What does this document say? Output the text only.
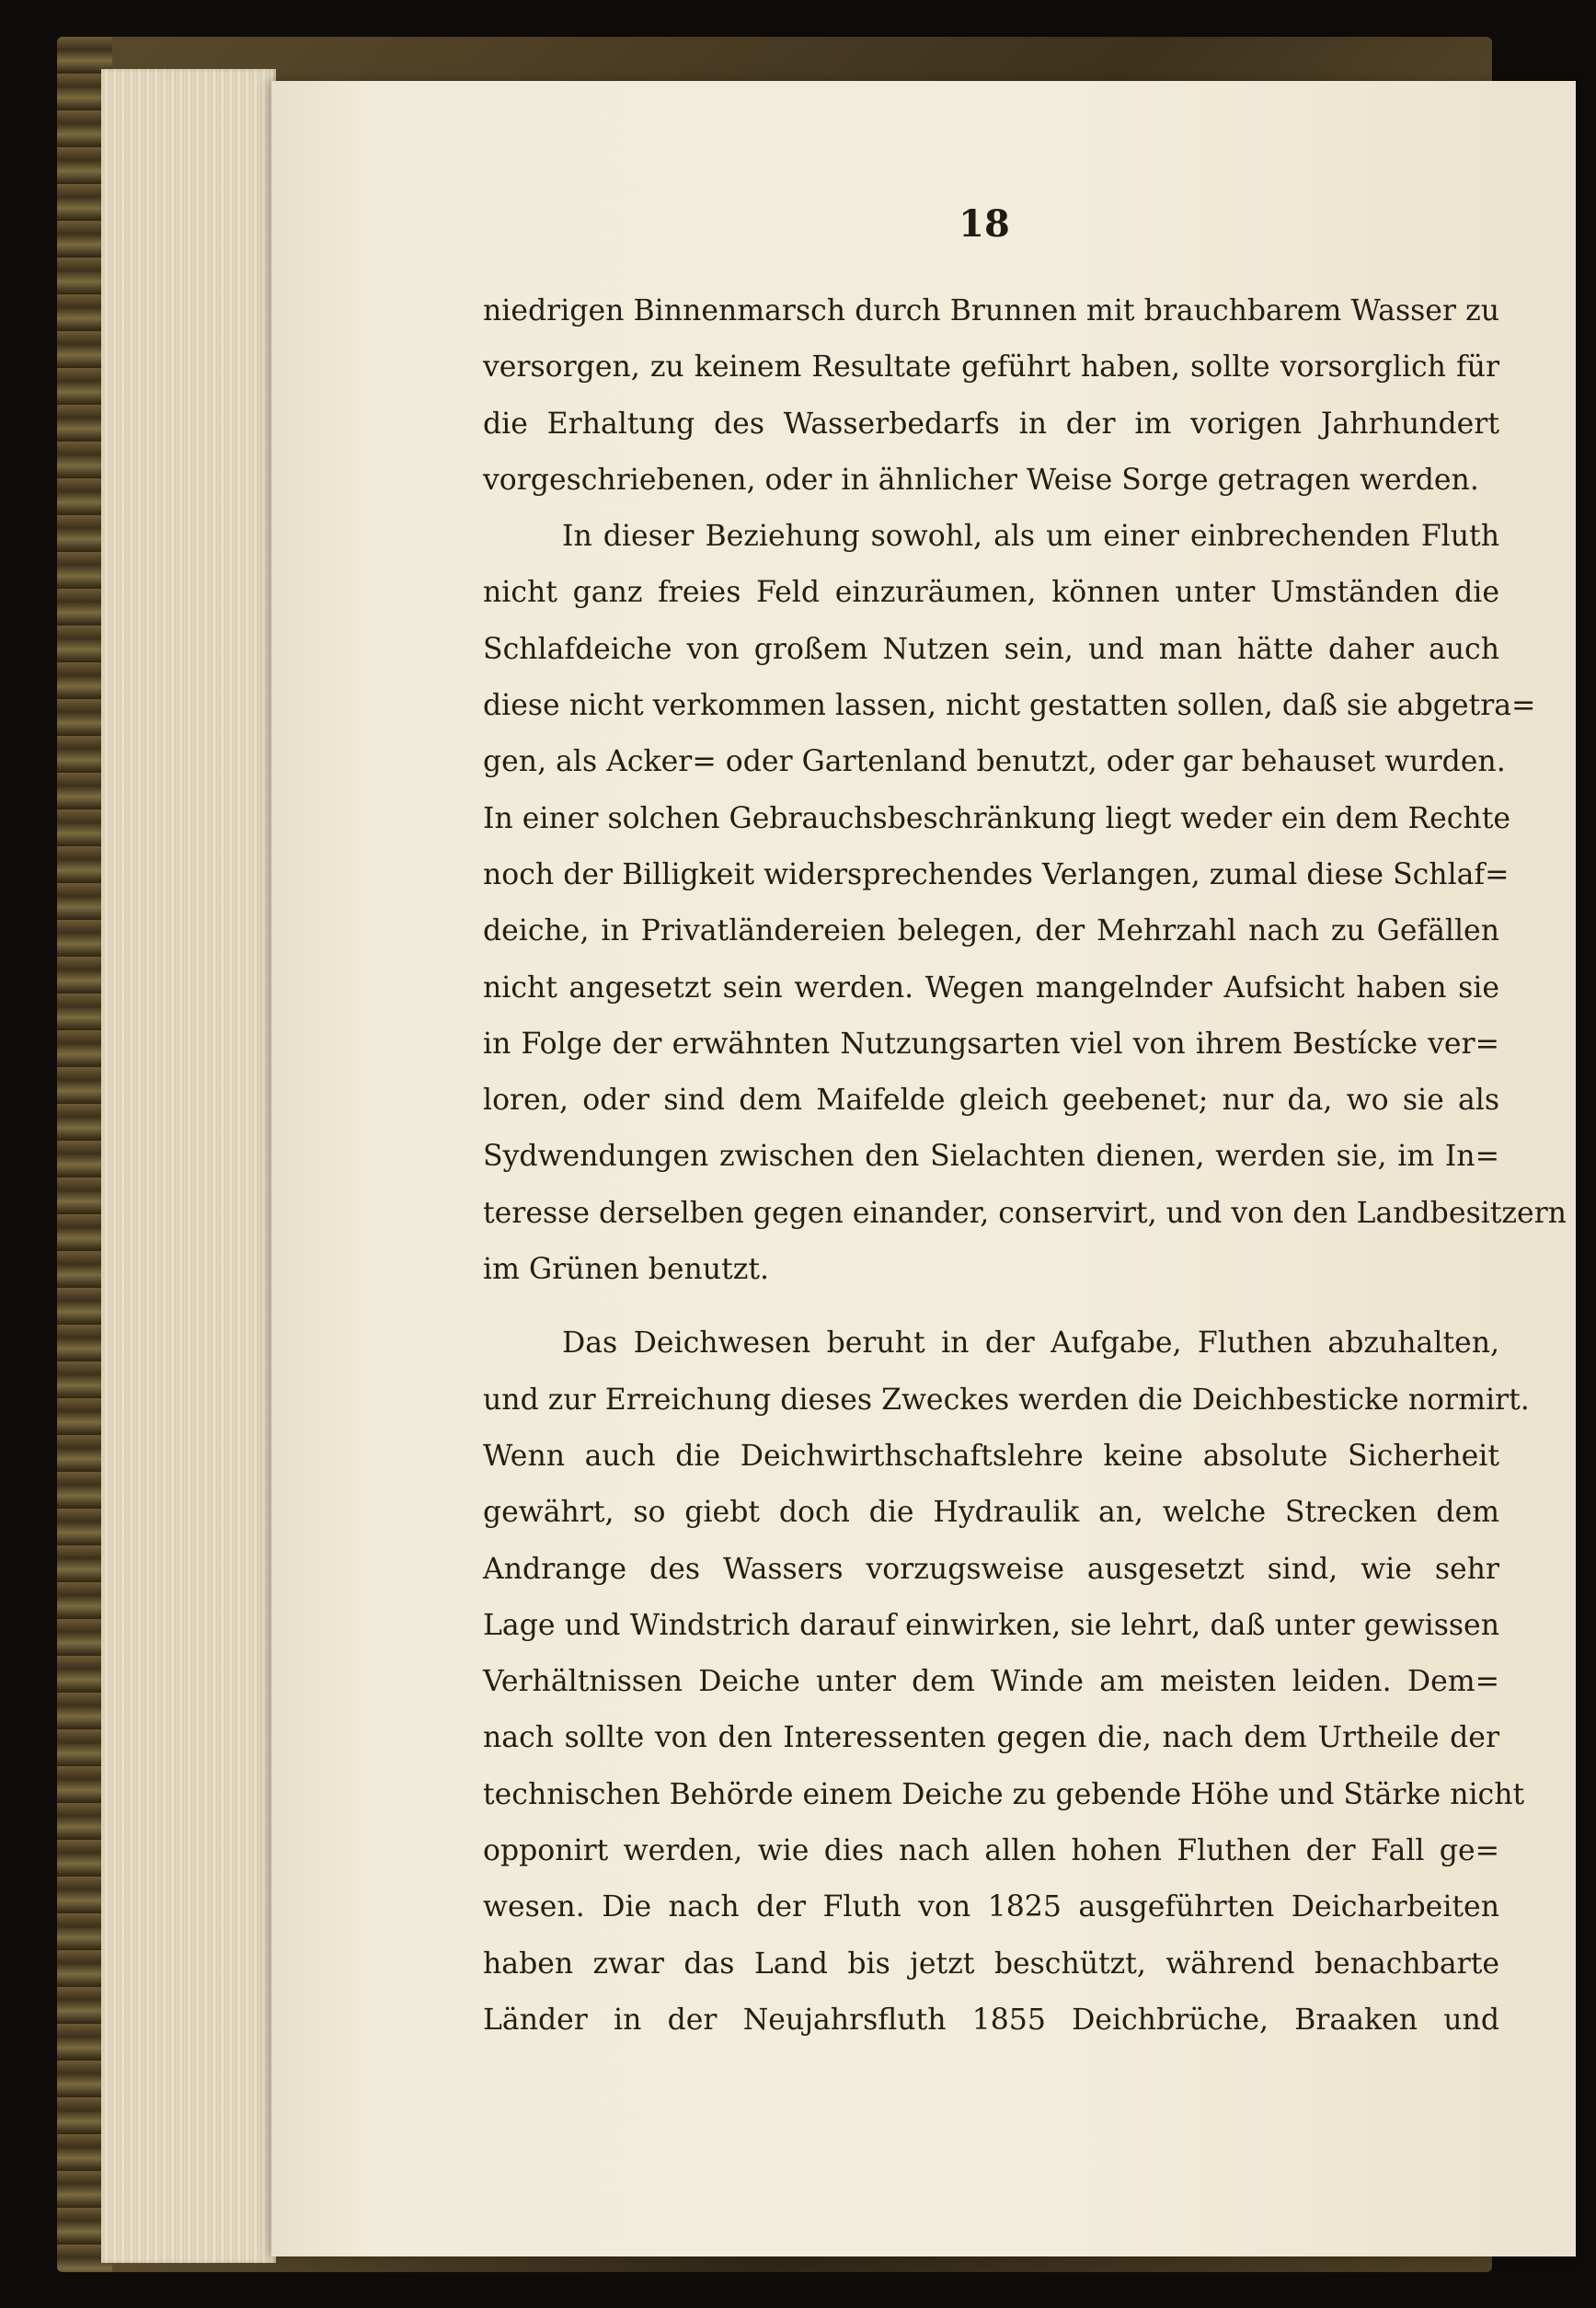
18
niedrigen Binnenmarsch durch Brunnen mit brauchbarem Wasser zu
versorgen, zu keinem Resultate geführt haben, sollte vorsorglich für
die Erhaltung des Wasserbedarfs in der im vorigen Jahrhundert
vorgeschriebenen, oder in ähnlicher Weise Sorge getragen werden.
In dieser Beziehung sowohl, als um einer einbrechenden Fluth
nicht ganz freies Feld einzuräumen, können unter Umständen die
Schlafdeiche von großem Nutzen sein, und man hätte daher auch
diese nicht verkommen lassen, nicht gestatten sollen, daß sie abgetra=
gen, als Acker= oder Gartenland benutzt, oder gar behauset wurden.
In einer solchen Gebrauchsbeschränkung liegt weder ein dem Rechte
noch der Billigkeit widersprechendes Verlangen, zumal diese Schlaf=
deiche, in Privatländereien belegen, der Mehrzahl nach zu Gefällen
nicht angesetzt sein werden. Wegen mangelnder Aufsicht haben sie
in Folge der erwähnten Nutzungsarten viel von ihrem Bestícke ver=
loren, oder sind dem Maifelde gleich geebenet; nur da, wo sie als
Sydwendungen zwischen den Sielachten dienen, werden sie, im In=
teresse derselben gegen einander, conservirt, und von den Landbesitzern
im Grünen benutzt.
Das Deichwesen beruht in der Aufgabe, Fluthen abzuhalten,
und zur Erreichung dieses Zweckes werden die Deichbesticke normirt.
Wenn auch die Deichwirthschaftslehre keine absolute Sicherheit
gewährt, so giebt doch die Hydraulik an, welche Strecken dem
Andrange des Wassers vorzugsweise ausgesetzt sind, wie sehr
Lage und Windstrich darauf einwirken, sie lehrt, daß unter gewissen
Verhältnissen Deiche unter dem Winde am meisten leiden. Dem=
nach sollte von den Interessenten gegen die, nach dem Urtheile der
technischen Behörde einem Deiche zu gebende Höhe und Stärke nicht
opponirt werden, wie dies nach allen hohen Fluthen der Fall ge=
wesen. Die nach der Fluth von 1825 ausgeführten Deicharbeiten
haben zwar das Land bis jetzt beschützt, während benachbarte
Länder in der Neujahrsfluth 1855 Deichbrüche, Braaken und
